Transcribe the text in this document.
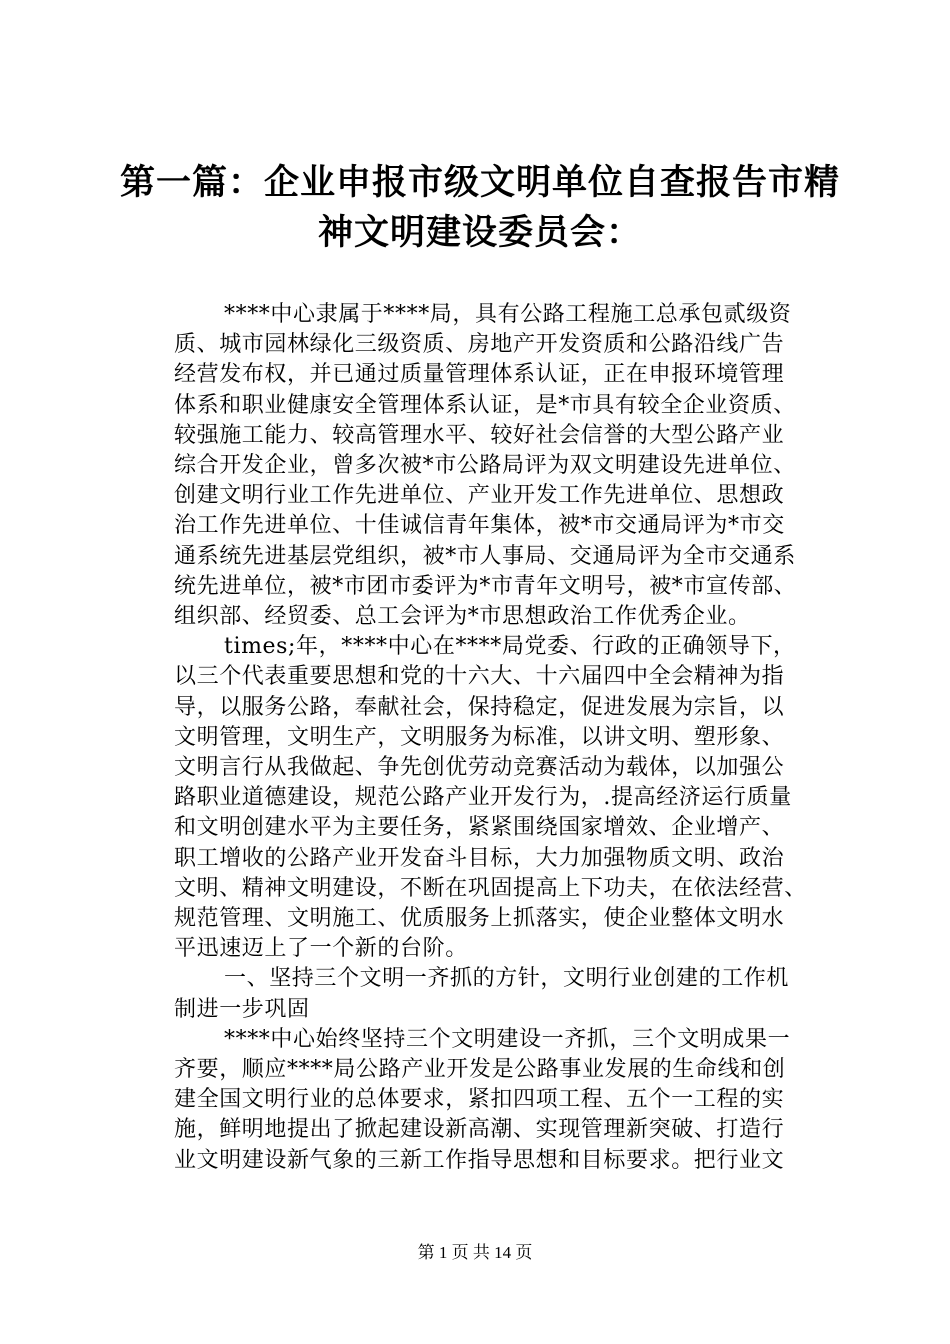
第一篇：企业申报市级文明单位自查报告市精
神文明建设委员会：
****中心隶属于****局，具有公路工程施工总承包贰级资
质、城市园林绿化三级资质、房地产开发资质和公路沿线广告
经营发布权，并已通过质量管理体系认证，正在申报环境管理
体系和职业健康安全管理体系认证，是*市具有较全企业资质、
较强施工能力、较高管理水平、较好社会信誉的大型公路产业
综合开发企业，曾多次被*市公路局评为双文明建设先进单位、
创建文明行业工作先进单位、产业开发工作先进单位、思想政
治工作先进单位、十佳诚信青年集体，被*市交通局评为*市交
通系统先进基层党组织，被*市人事局、交通局评为全市交通系
统先进单位，被*市团市委评为*市青年文明号，被*市宣传部、
组织部、经贸委、总工会评为*市思想政治工作优秀企业。
times;年，****中心在****局党委、行政的正确领导下，
以三个代表重要思想和党的十六大、十六届四中全会精神为指
导，以服务公路，奉献社会，保持稳定，促进发展为宗旨，以
文明管理，文明生产，文明服务为标准，以讲文明、塑形象、
文明言行从我做起、争先创优劳动竞赛活动为载体，以加强公
路职业道德建设，规范公路产业开发行为，.提高经济运行质量
和文明创建水平为主要任务，紧紧围绕国家增效、企业增产、
职工增收的公路产业开发奋斗目标，大力加强物质文明、政治
文明、精神文明建设，不断在巩固提高上下功夫，在依法经营、
规范管理、文明施工、优质服务上抓落实，使企业整体文明水
平迅速迈上了一个新的台阶。
一、坚持三个文明一齐抓的方针，文明行业创建的工作机
制进一步巩固
****中心始终坚持三个文明建设一齐抓，三个文明成果一
齐要，顺应****局公路产业开发是公路事业发展的生命线和创
建全国文明行业的总体要求，紧扣四项工程、五个一工程的实
施，鲜明地提出了掀起建设新高潮、实现管理新突破、打造行
业文明建设新气象的三新工作指导思想和目标要求。把行业文
第 1 页 共 14 页
